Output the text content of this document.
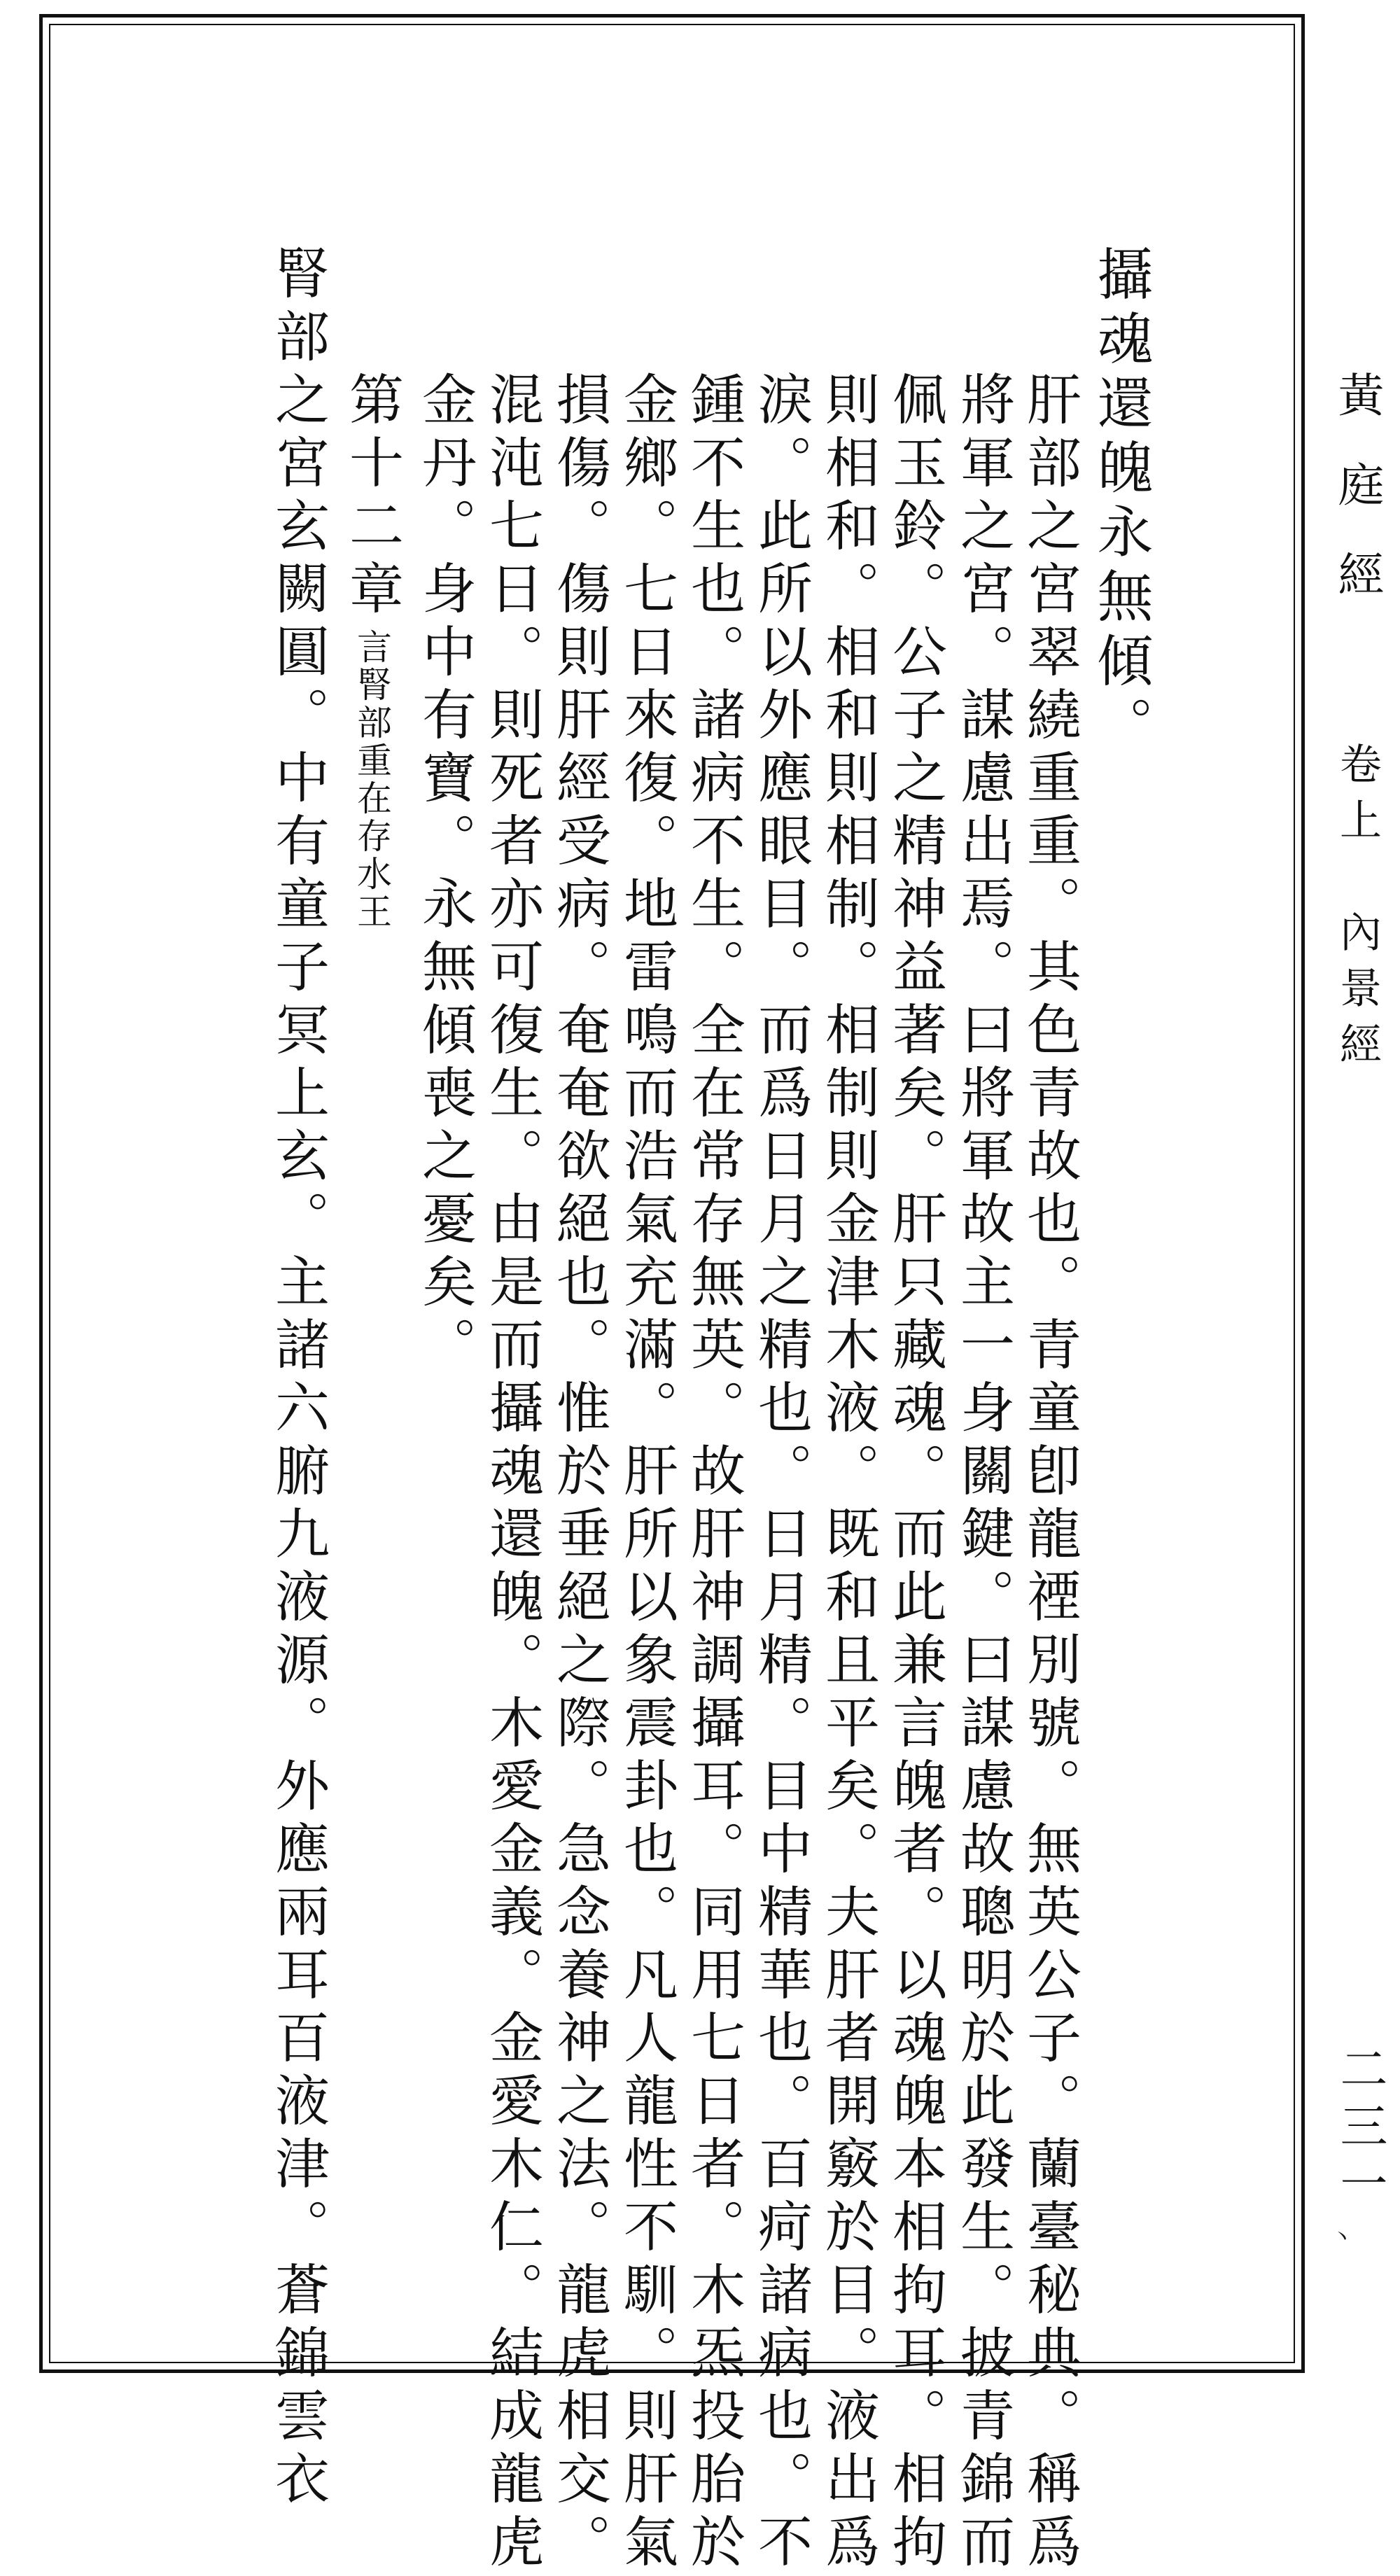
黃庭經
卷上　內景經
二三一
丶
攝魂還魄永無傾。
肝部之宮翠繞重重。其色青故也。青童卽龍禋別號。無英公子。蘭臺秘典。稱爲
將軍之宮。謀慮出焉。曰將軍故主一身關鍵。曰謀慮故聰明於此發生。披青錦而
佩玉鈴。公子之精神益著矣。肝只藏魂。而此兼言魄者。以魂魄本相拘耳。相拘
則相和。相和則相制。相制則金津木液。既和且平矣。夫肝者開竅於目。液出爲
淚。此所以外應眼目。而爲日月之精也。日月精。目中精華也。百疴諸病也。不
鍾不生也。諸病不生。全在常存無英。故肝神調攝耳。同用七日者。木炁投胎於
金鄉。七日來復。地雷鳴而浩氣充滿。肝所以象震卦也。凡人龍性不馴。則肝氣
損傷。傷則肝經受病。奄奄欲絕也。惟於垂絕之際。急念養神之法。龍虎相交。
混沌七日。則死者亦可復生。由是而攝魂還魄。木愛金義。金愛木仁。結成龍虎
金丹。身中有寶。永無傾喪之憂矣。
第十二章言腎部重在存水王
腎部之宮玄闕圓。中有童子冥上玄。主諸六腑九液源。外應兩耳百液津。蒼錦雲衣
